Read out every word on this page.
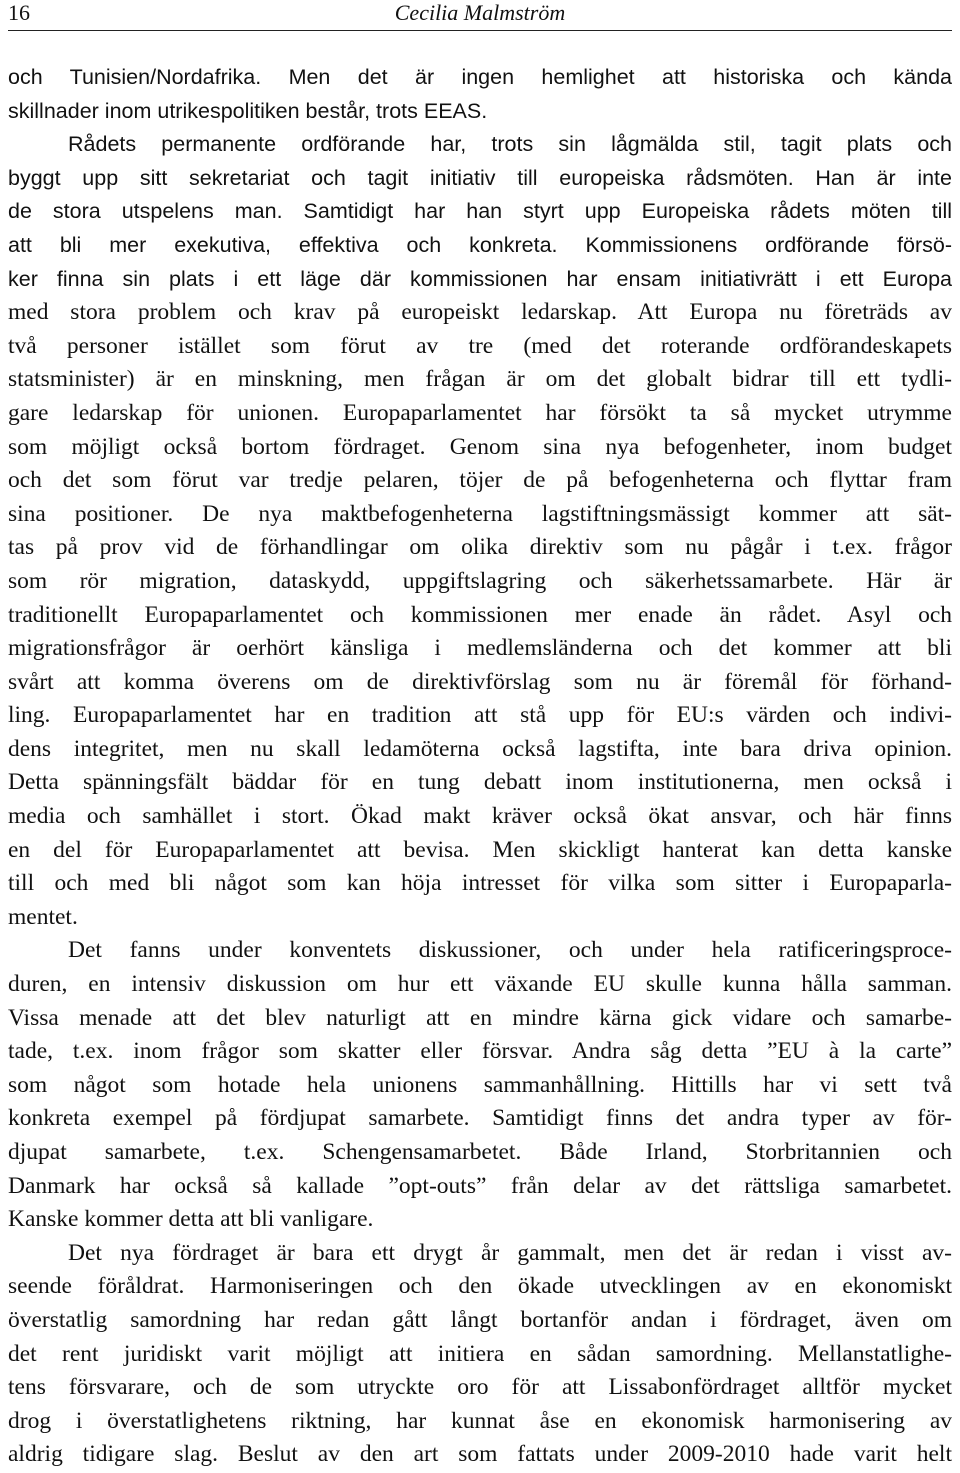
16	Cecilia Malmström
och Tunisien/Nordafrika. Men det är ingen hemlighet att historiska och kända
skillnader inom utrikespolitiken består, trots EEAS.
Rådets permanente ordförande har, trots sin lågmälda stil, tagit plats och
byggt upp sitt sekretariat och tagit initiativ till europeiska rådsmöten. Han är inte
de stora utspelens man. Samtidigt har han styrt upp Europeiska rådets möten till
att bli mer exekutiva, effektiva och konkreta. Kommissionens ordförande försö-
ker finna sin plats i ett läge där kommissionen har ensam initiativrätt i ett Europa
med stora problem och krav på europeiskt ledarskap. Att Europa nu företräds av
två personer istället som förut av tre (med det roterande ordförandeskapets
statsminister) är en minskning, men frågan är om det globalt bidrar till ett tydli-
gare ledarskap för unionen. Europaparlamentet har försökt ta så mycket utrymme
som möjligt också bortom fördraget. Genom sina nya befogenheter, inom budget
och det som förut var tredje pelaren, töjer de på befogenheterna och flyttar fram
sina positioner. De nya maktbefogenheterna lagstiftningsmässigt kommer att sät-
tas på prov vid de förhandlingar om olika direktiv som nu pågår i t.ex. frågor
som rör migration, dataskydd, uppgiftslagring och säkerhetssamarbete. Här är
traditionellt Europaparlamentet och kommissionen mer enade än rådet. Asyl och
migrationsfrågor är oerhört känsliga i medlemsländerna och det kommer att bli
svårt att komma överens om de direktivförslag som nu är föremål för förhand-
ling. Europaparlamentet har en tradition att stå upp för EU:s värden och indivi-
dens integritet, men nu skall ledamöterna också lagstifta, inte bara driva opinion.
Detta spänningsfält bäddar för en tung debatt inom institutionerna, men också i
media och samhället i stort. Ökad makt kräver också ökat ansvar, och här finns
en del för Europaparlamentet att bevisa. Men skickligt hanterat kan detta kanske
till och med bli något som kan höja intresset för vilka som sitter i Europaparla-
mentet.
Det fanns under konventets diskussioner, och under hela ratificeringsproce-
duren, en intensiv diskussion om hur ett växande EU skulle kunna hålla samman.
Vissa menade att det blev naturligt att en mindre kärna gick vidare och samarbe-
tade, t.ex. inom frågor som skatter eller försvar. Andra såg detta ”EU à la carte”
som något som hotade hela unionens sammanhållning. Hittills har vi sett två
konkreta exempel på fördjupat samarbete. Samtidigt finns det andra typer av för-
djupat samarbete, t.ex. Schengensamarbetet. Både Irland, Storbritannien och
Danmark har också så kallade ”opt-outs” från delar av det rättsliga samarbetet.
Kanske kommer detta att bli vanligare.
Det nya fördraget är bara ett drygt år gammalt, men det är redan i visst av-
seende föråldrat. Harmoniseringen och den ökade utvecklingen av en ekonomiskt
överstatlig samordning har redan gått långt bortanför andan i fördraget, även om
det rent juridiskt varit möjligt att initiera en sådan samordning. Mellanstatlighe-
tens försvarare, och de som utryckte oro för att Lissabonfördraget alltför mycket
drog i överstatlighetens riktning, har kunnat åse en ekonomisk harmonisering av
aldrig tidigare slag. Beslut av den art som fattats under 2009-2010 hade varit helt
